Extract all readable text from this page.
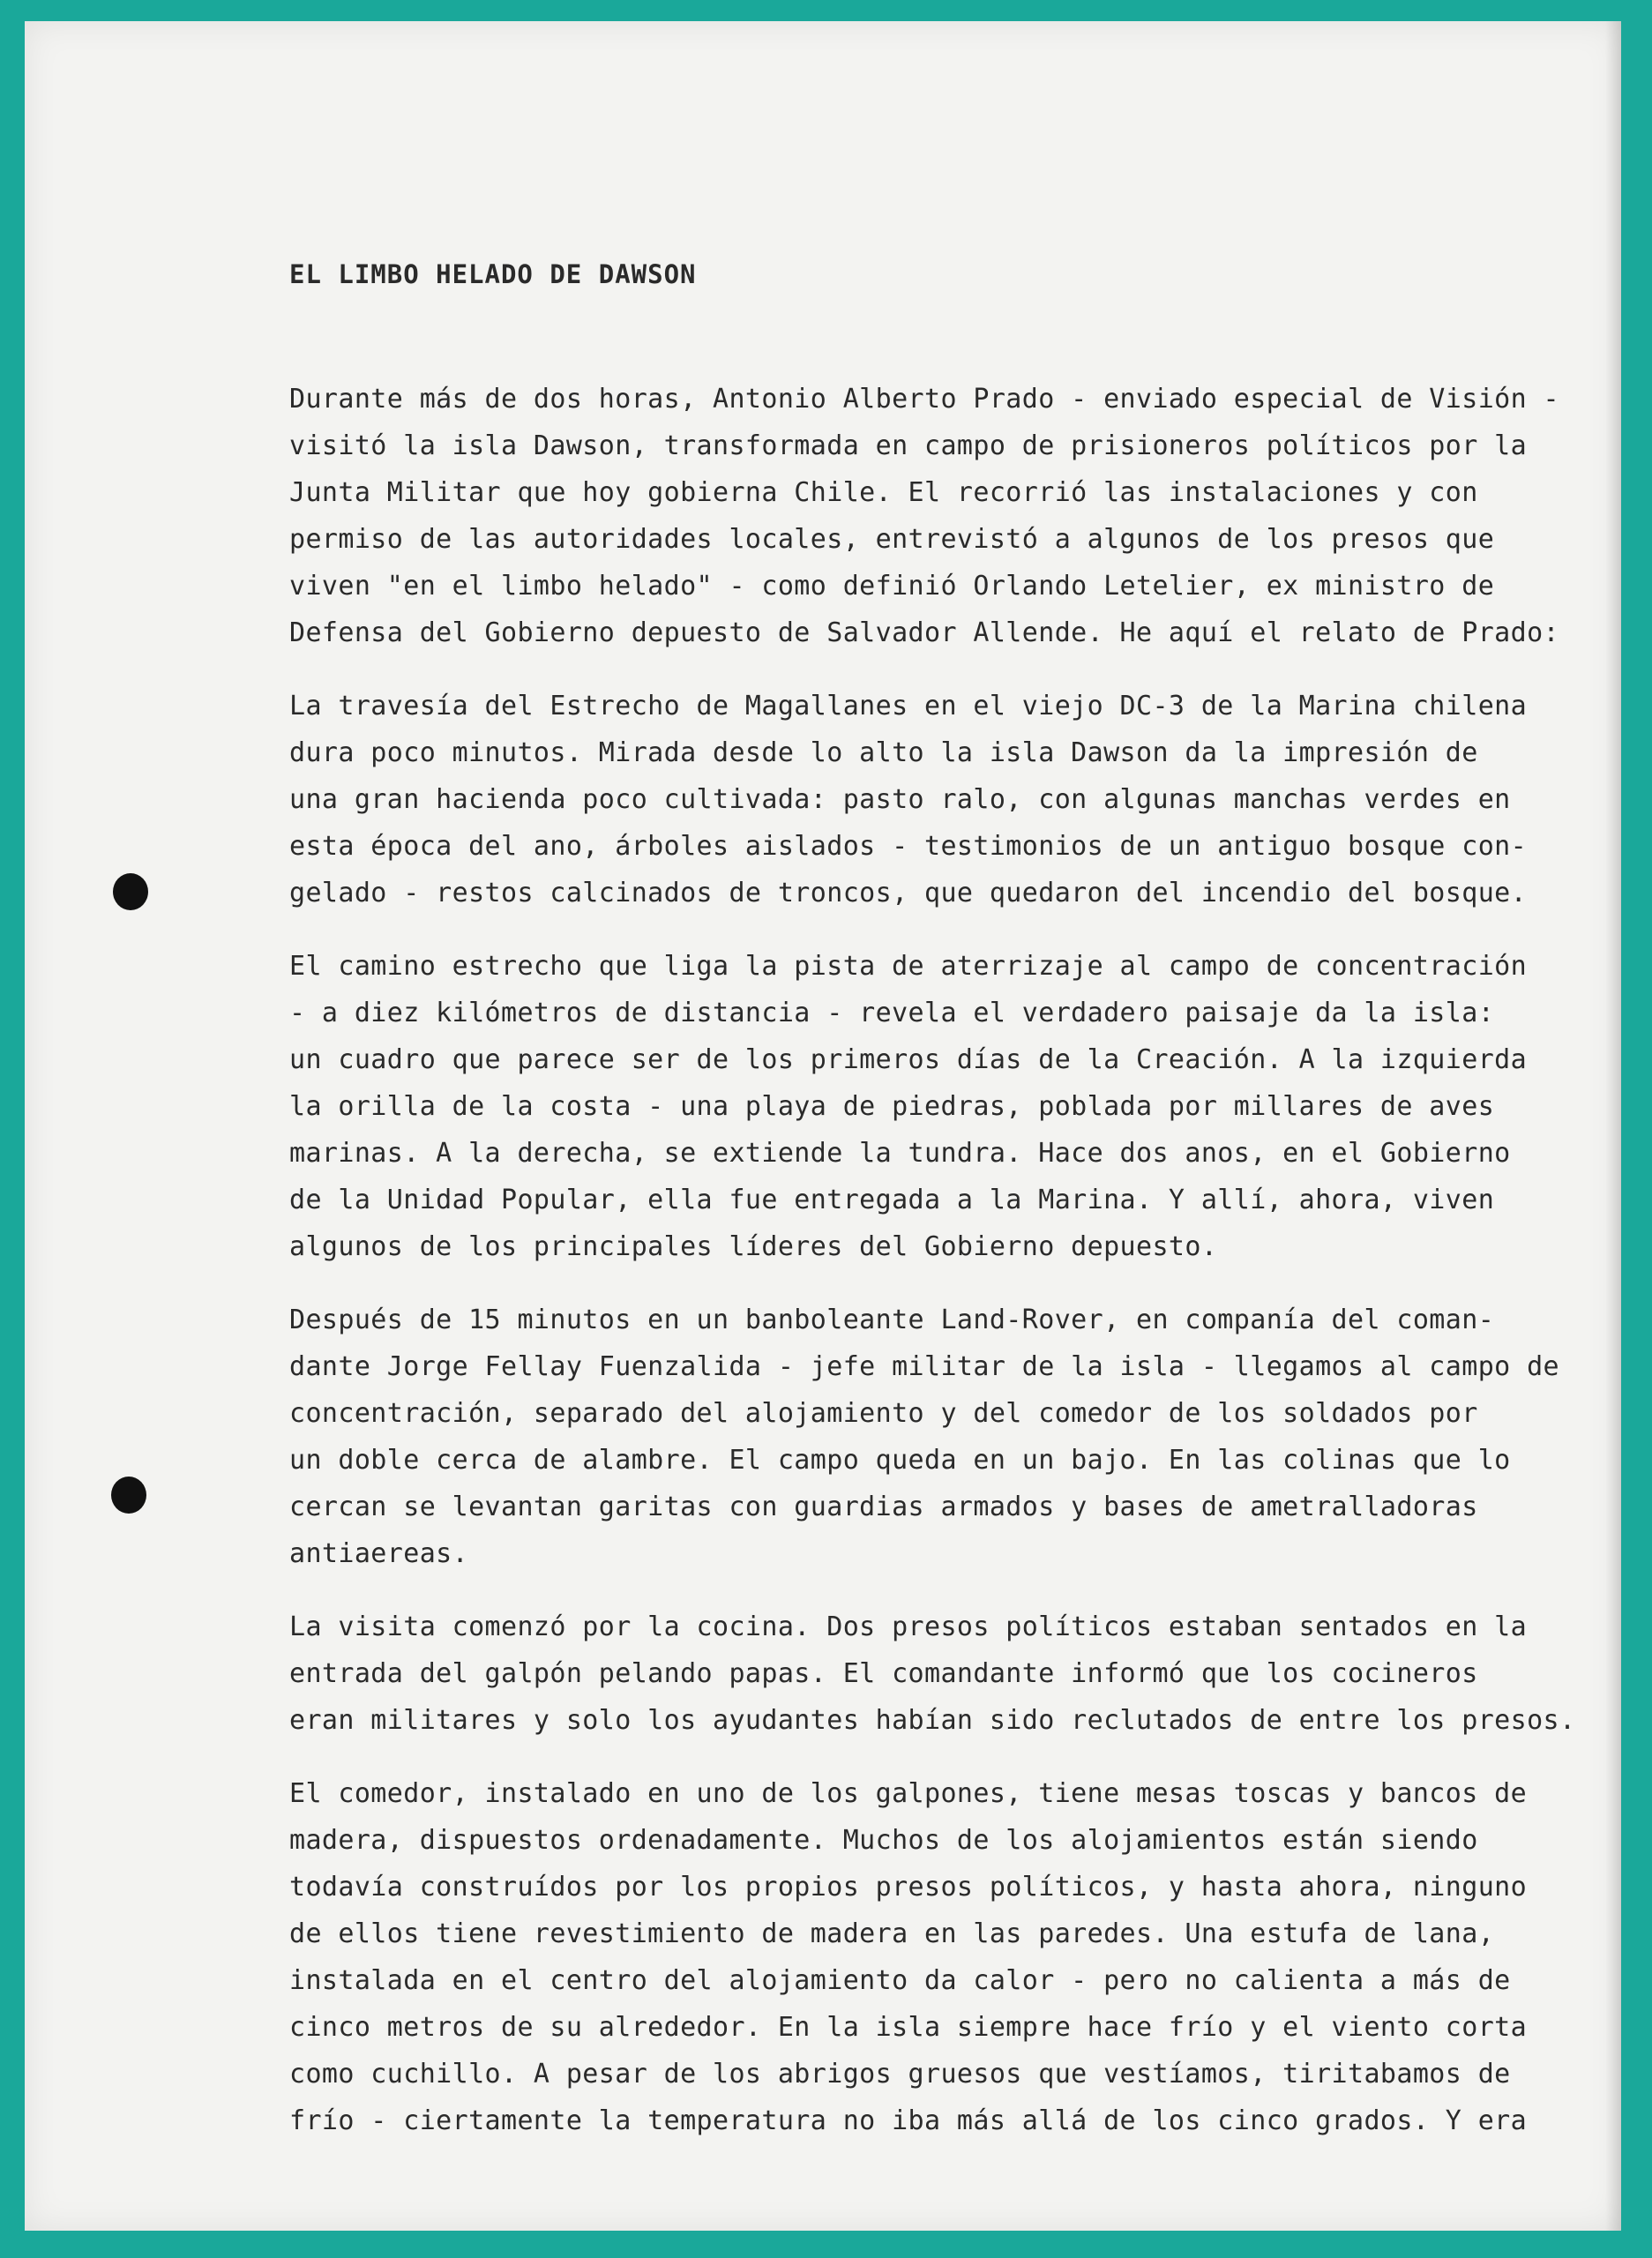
EL LIMBO HELADO DE DAWSON

Durante más de dos horas, Antonio Alberto Prado - enviado especial de Visión -
visitó la isla Dawson, transformada en campo de prisioneros políticos por la
Junta Militar que hoy gobierna Chile. El recorrió las instalaciones y con
permiso de las autoridades locales, entrevistó a algunos de los presos que
viven "en el limbo helado" - como definió Orlando Letelier, ex ministro de
Defensa del Gobierno depuesto de Salvador Allende. He aquí el relato de Prado:

La travesía del Estrecho de Magallanes en el viejo DC-3 de la Marina chilena
dura poco minutos. Mirada desde lo alto la isla Dawson da la impresión de
una gran hacienda poco cultivada: pasto ralo, con algunas manchas verdes en
esta época del ano, árboles aislados - testimonios de un antiguo bosque con-
gelado - restos calcinados de troncos, que quedaron del incendio del bosque.

El camino estrecho que liga la pista de aterrizaje al campo de concentración
- a diez kilómetros de distancia - revela el verdadero paisaje da la isla:
un cuadro que parece ser de los primeros días de la Creación. A la izquierda
la orilla de la costa - una playa de piedras, poblada por millares de aves
marinas. A la derecha, se extiende la tundra. Hace dos anos, en el Gobierno
de la Unidad Popular, ella fue entregada a la Marina. Y allí, ahora, viven
algunos de los principales líderes del Gobierno depuesto.

Después de 15 minutos en un banboleante Land-Rover, en companía del coman-
dante Jorge Fellay Fuenzalida - jefe militar de la isla - llegamos al campo de
concentración, separado del alojamiento y del comedor de los soldados por
un doble cerca de alambre. El campo queda en un bajo. En las colinas que lo
cercan se levantan garitas con guardias armados y bases de ametralladoras
antiaereas.

La visita comenzó por la cocina. Dos presos políticos estaban sentados en la
entrada del galpón pelando papas. El comandante informó que los cocineros
eran militares y solo los ayudantes habían sido reclutados de entre los presos.

El comedor, instalado en uno de los galpones, tiene mesas toscas y bancos de
madera, dispuestos ordenadamente. Muchos de los alojamientos están siendo
todavía construídos por los propios presos políticos, y hasta ahora, ninguno
de ellos tiene revestimiento de madera en las paredes. Una estufa de lana,
instalada en el centro del alojamiento da calor - pero no calienta a más de
cinco metros de su alrededor. En la isla siempre hace frío y el viento corta
como cuchillo. A pesar de los abrigos gruesos que vestíamos, tiritabamos de
frío - ciertamente la temperatura no iba más allá de los cinco grados. Y era
